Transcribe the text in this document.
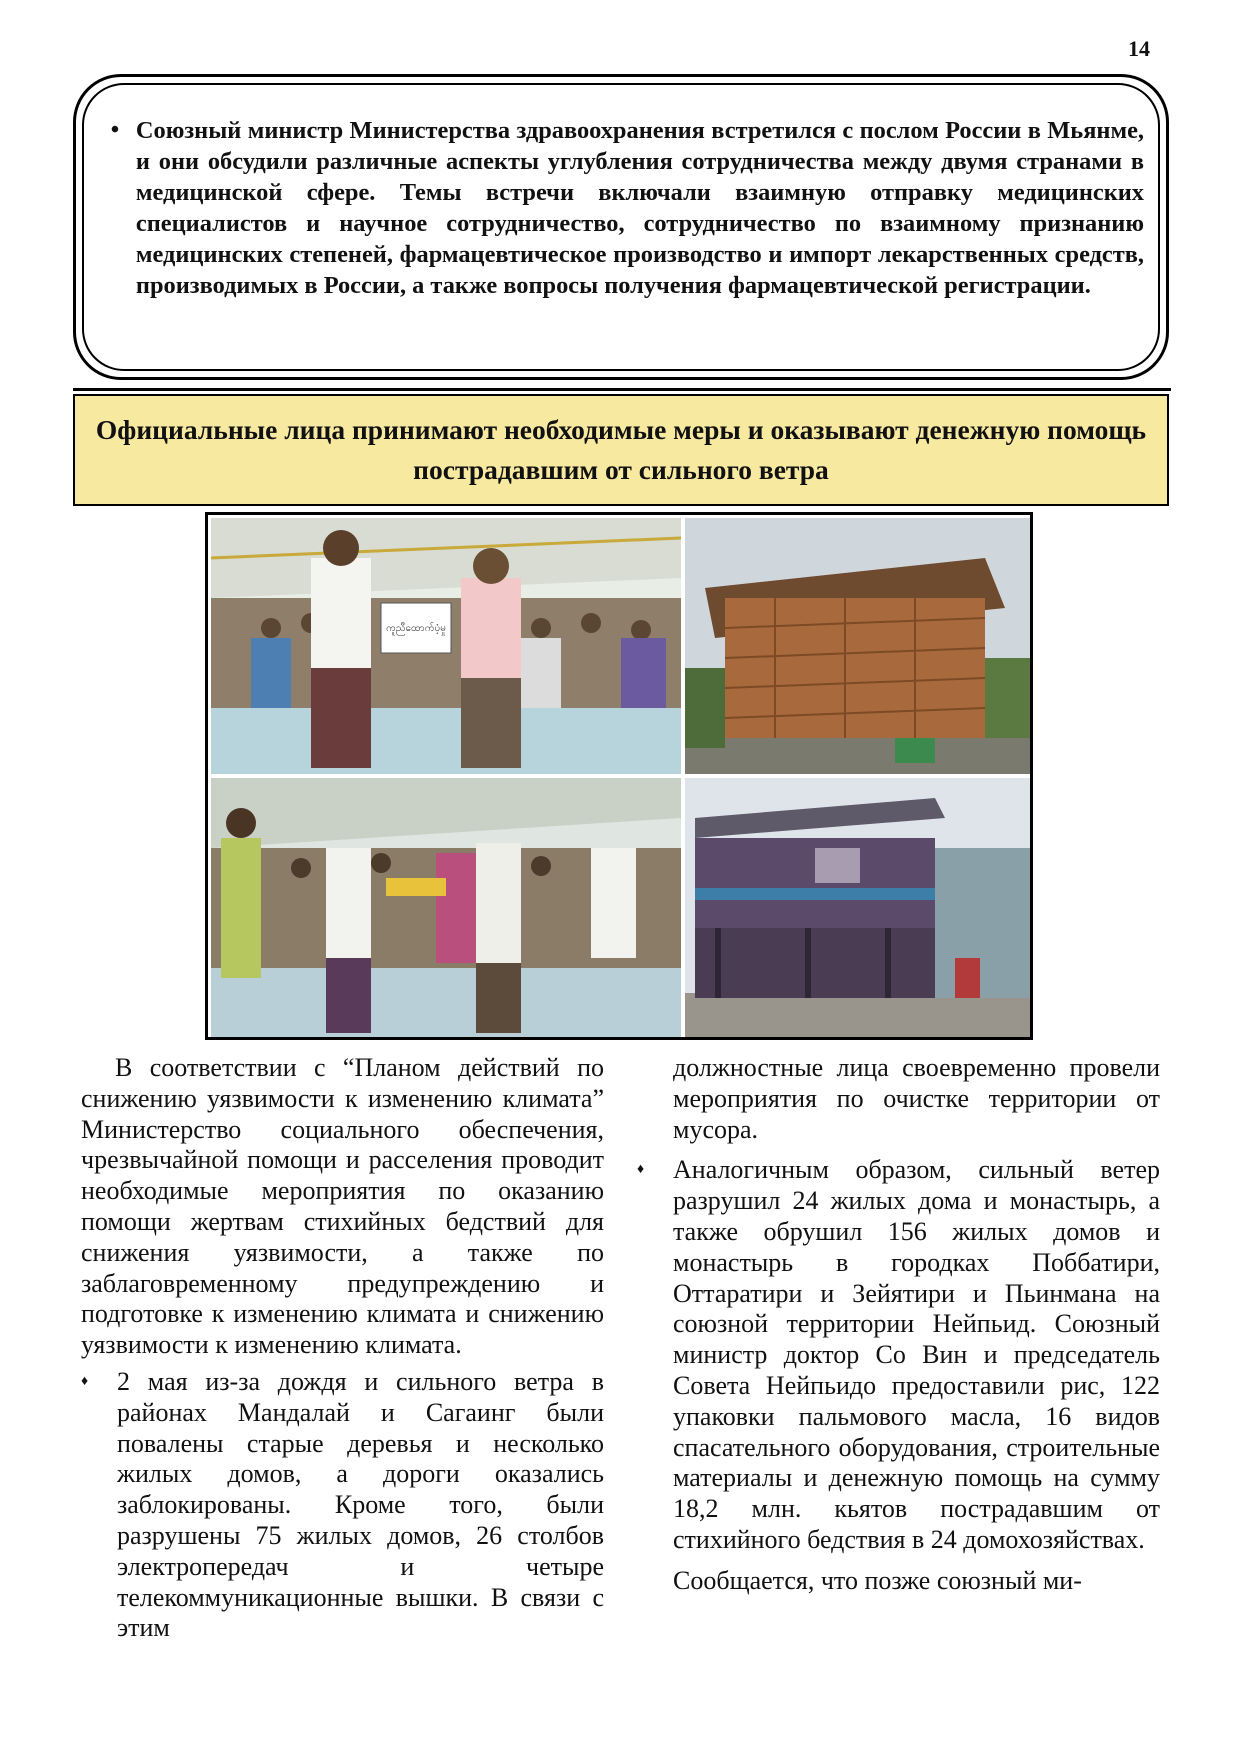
14
• Союзный министр Министерства здравоохранения встретился с послом России в Мьянме, и они обсудили различные аспекты углубления сотрудничества между двумя странами в медицинской сфере. Темы встречи включали взаимную отправку медицинских специалистов и научное сотрудничество, сотрудничество по взаимному признанию медицинских степеней, фармацевтическое производство и импорт лекарственных средств, производимых в России, а также вопросы получения фармацевтической регистрации.
Официальные лица принимают необходимые меры и оказывают денежную помощь пострадавшим от сильного ветра
ကူညီထောက်ပံ့မှု

В соответствии с “Планом действий по снижению уязвимости к изменению климата” Министерство социального обеспечения, чрезвычайной помощи и расселения проводит необходимые мероприятия по оказанию помощи жертвам стихийных бедствий для снижения уязвимости, а также по заблаговременному предупреждению и подготовке к изменению климата и снижению уязвимости к изменению климата.

♦	2 мая из-за дождя и сильного ветра в районах Мандалай и Сагаинг были повалены старые деревья и несколько жилых домов, а дороги оказались заблокированы. Кроме того, были разрушены 75 жилых домов, 26 столбов электропередач и четыре телекоммуникационные вышки. В связи с этим
должностные лица своевременно провели мероприятия по очистке территории от мусора.
♦	Аналогичным образом, сильный ветер разрушил 24 жилых дома и монастырь, а также обрушил 156 жилых домов и монастырь в городках Поббатири, Оттаратири и Зейятири и Пьинмана на союзной территории Нейпьид. Союзный министр доктор Со Вин и председатель Совета Нейпьидо предоставили рис, 122 упаковки пальмового масла, 16 видов спасательного оборудования, строительные материалы и денежную помощь на сумму 18,2 млн. кьятов пострадавшим от стихийного бедствия в 24 домохозяйствах.
Сообщается, что позже союзный ми-
